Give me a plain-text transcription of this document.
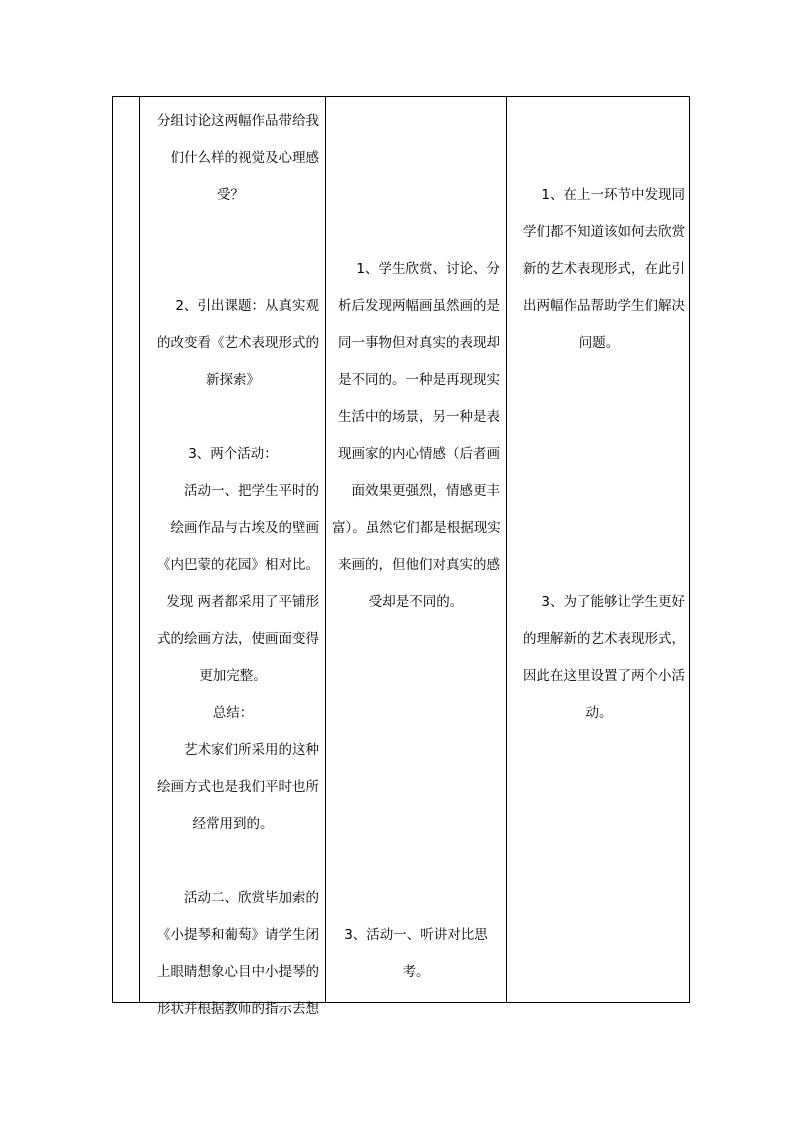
分组讨论这两幅作品带给我

们什么样的视觉及心理感

受？

2、引出课题：从真实观

的改变看《艺术表现形式的

新探索》

3、两个活动：

活动一、把学生平时的

绘画作品与古埃及的壁画

《内巴蒙的花园》相对比。

发现 两者都采用了平铺形

式的绘画方法，使画面变得

更加完整。

总结：

艺术家们所采用的这种

绘画方式也是我们平时也所

经常用到的。

活动二、欣赏毕加索的

《小提琴和葡萄》请学生闭

上眼睛想象心目中小提琴的

形状并根据教师的指示去想

1、学生欣赏、讨论、分

析后发现两幅画虽然画的是

同一事物但对真实的表现却

是不同的。一种是再现现实

生活中的场景，另一种是表

现画家的内心情感（后者画

面效果更强烈，情感更丰

富）。虽然它们都是根据现实

来画的，但他们对真实的感

受却是不同的。

3、活动一、听讲对比思

考。

1、在上一环节中发现同

学们都不知道该如何去欣赏

新的艺术表现形式，在此引

出两幅作品帮助学生们解决

问题。

3、为了能够让学生更好

的理解新的艺术表现形式，

因此在这里设置了两个小活

动。
